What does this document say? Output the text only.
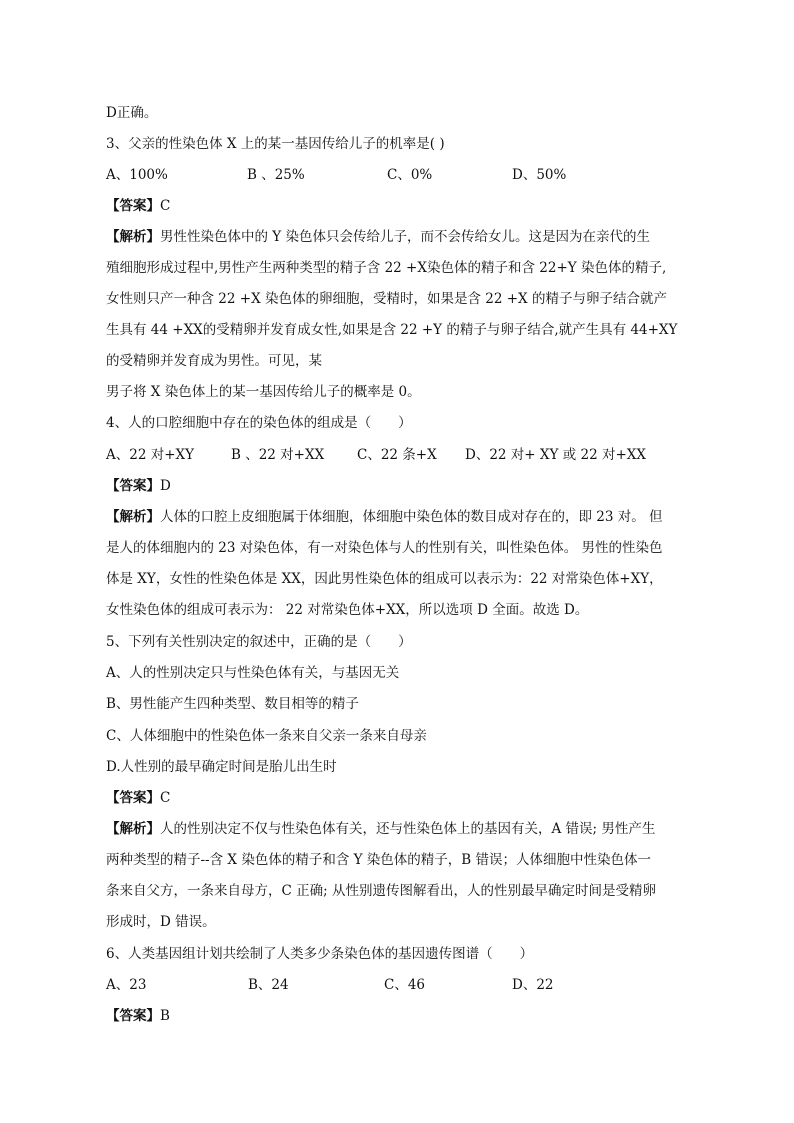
D正确。
3、父亲的性染色体 X 上的某一基因传给儿子的机率是( )
A、100%	B 、25%	C、0%	D、50%
【答案】C
【解析】男性性染色体中的 Y 染色体只会传给儿子，而不会传给女儿。这是因为在亲代的生
殖细胞形成过程中,男性产生两种类型的精子含 22 +X染色体的精子和含 22+Y 染色体的精子,
女性则只产一种含 22 +X 染色体的卵细胞，受精时，如果是含 22 +X 的精子与卵子结合就产
生具有 44 +XX的受精卵并发育成女性,如果是含 22 +Y 的精子与卵子结合,就产生具有 44+XY
的受精卵并发育成为男性。可见，某
男子将 X 染色体上的某一基因传给儿子的概率是 0。
4、人的口腔细胞中存在的染色体的组成是（　　）
A、22 对+XY	B 、22 对+XX C、22 条+X D、22 对+ XY 或 22 对+XX
【答案】D
【解析】人体的口腔上皮细胞属于体细胞，体细胞中染色体的数目成对存在的，即 23 对。 但
是人的体细胞内的 23 对染色体，有一对染色体与人的性别有关，叫性染色体。 男性的性染色
体是 XY，女性的性染色体是 XX，因此男性染色体的组成可以表示为：22 对常染色体+XY，
女性染色体的组成可表示为： 22 对常染色体+XX，所以选项 D 全面。故选 D。
5、下列有关性别决定的叙述中，正确的是（　　）
A、人的性别决定只与性染色体有关，与基因无关
B、男性能产生四种类型、数目相等的精子
C、人体细胞中的性染色体一条来自父亲一条来自母亲
D.人性别的最早确定时间是胎儿出生时
【答案】C
【解析】人的性别决定不仅与性染色体有关，还与性染色体上的基因有关，A 错误; 男性产生
两种类型的精子--含 X 染色体的精子和含 Y 染色体的精子，B 错误；人体细胞中性染色体一
条来自父方，一条来自母方，C 正确; 从性别遗传图解看出，人的性别最早确定时间是受精卵
形成时，D 错误。
6、人类基因组计划共绘制了人类多少条染色体的基因遗传图谱（　　）
A、23	B、24	C、46	D、22
【答案】B
